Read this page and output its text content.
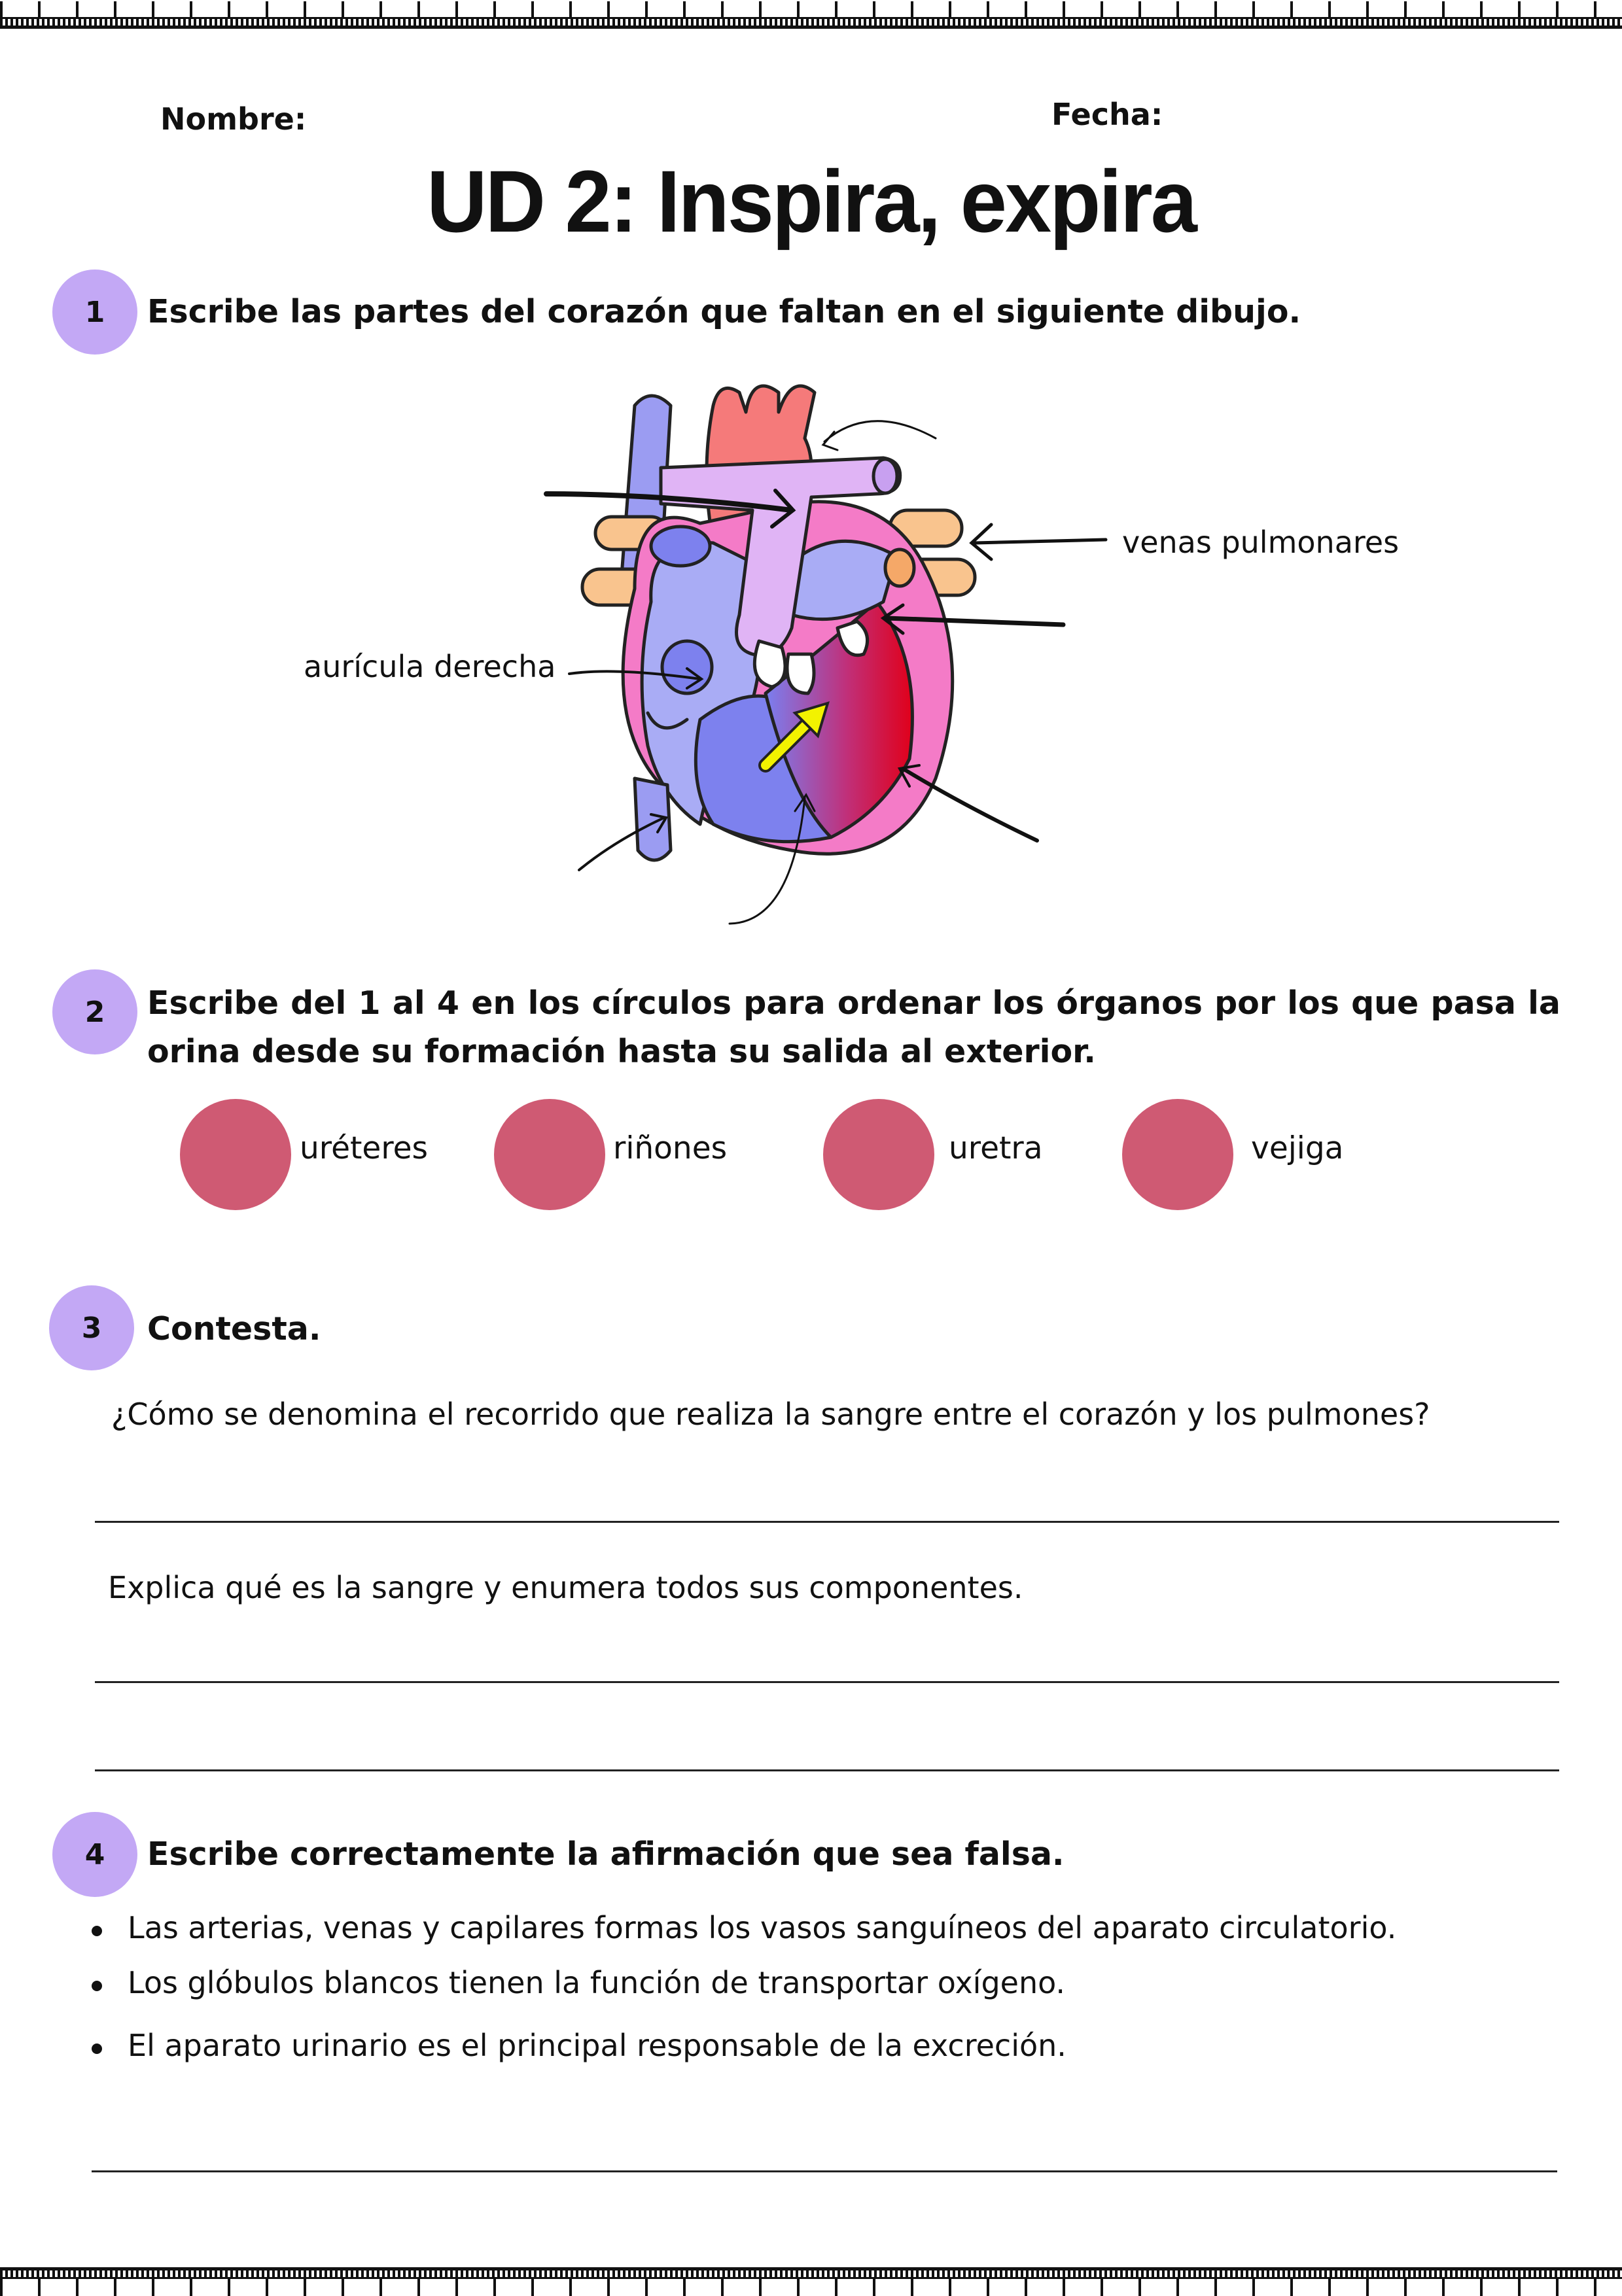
Nombre:	Fecha:
UD 2: Inspira, expira
1	Escribe las partes del corazón que faltan en el siguiente dibujo.
venas pulmonares
aurícula derecha
2	Escribe del 1 al 4 en los círculos para ordenar los órganos por los que pasa la orina desde su formación hasta su salida al exterior.
uréteres	riñones	uretra	vejiga
3	Contesta.
¿Cómo se denomina el recorrido que realiza la sangre entre el corazón y los pulmones?
Explica qué es la sangre y enumera todos sus componentes.
4	Escribe correctamente la afirmación que sea falsa.
Las arterias, venas y capilares formas los vasos sanguíneos del aparato circulatorio.
Los glóbulos blancos tienen la función de transportar oxígeno.
El aparato urinario es el principal responsable de la excreción.
